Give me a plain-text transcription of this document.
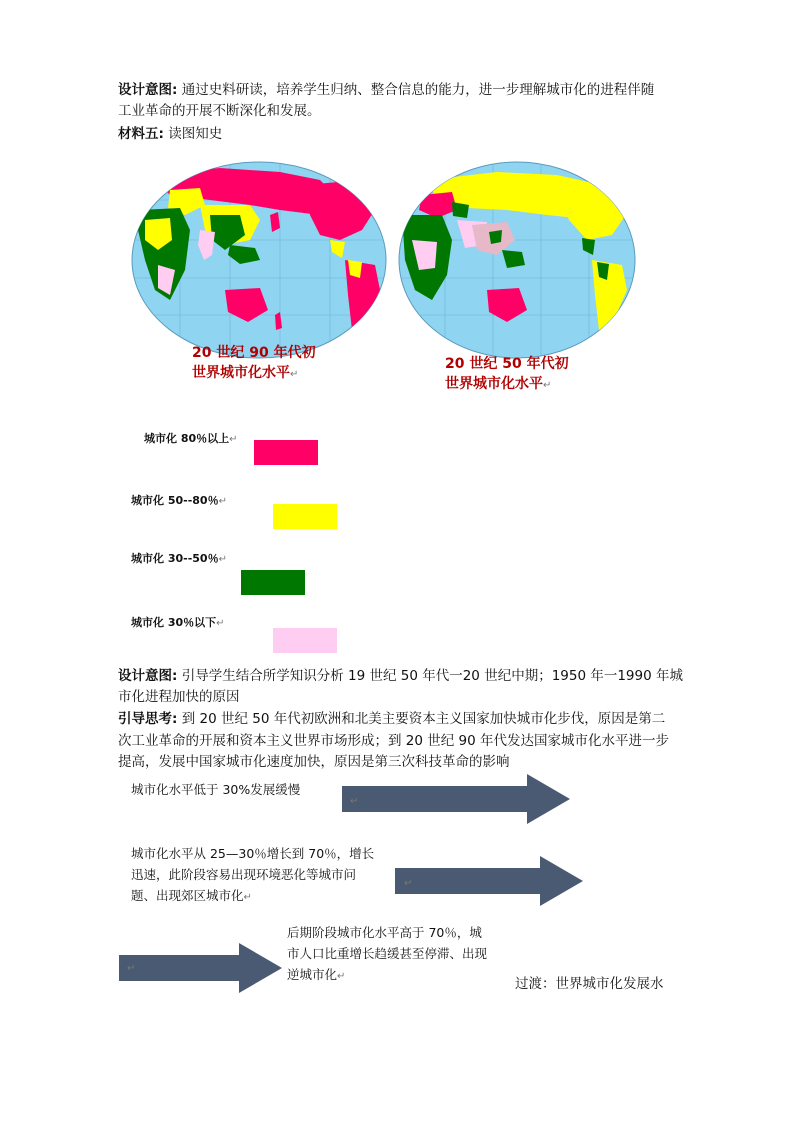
设计意图: 通过史料研读，培养学生归纳、整合信息的能力，进一步理解城市化的进程伴随
工业革命的开展不断深化和发展。
材料五: 读图知史
20 世纪 90 年代初
世界城市化水平↵
20 世纪 50 年代初
世界城市化水平↵
城市化 80％以上↵
城市化 50--80％↵
城市化 30--50％↵
城市化 30％以下↵
设计意图: 引导学生结合所学知识分析 19 世纪 50 年代一20 世纪中期；1950 年一1990 年城
市化进程加快的原因
引导思考: 到 20 世纪 50 年代初欧洲和北美主要资本主义国家加快城市化步伐，原因是第二
次工业革命的开展和资本主义世界市场形成；到 20 世纪 90 年代发达国家城市化水平进一步
提高，发展中国家城市化速度加快，原因是第三次科技革命的影响
城市化水平低于 30%发展缓慢
↵
城市化水平从 25—30％增长到 70％，增长
迅速，此阶段容易出现环境恶化等城市问
题、出现郊区城市化↵
↵
↵
后期阶段城市化水平高于 70％，城
市人口比重增长趋缓甚至停滞、出现
逆城市化↵	过渡：世界城市化发展水
